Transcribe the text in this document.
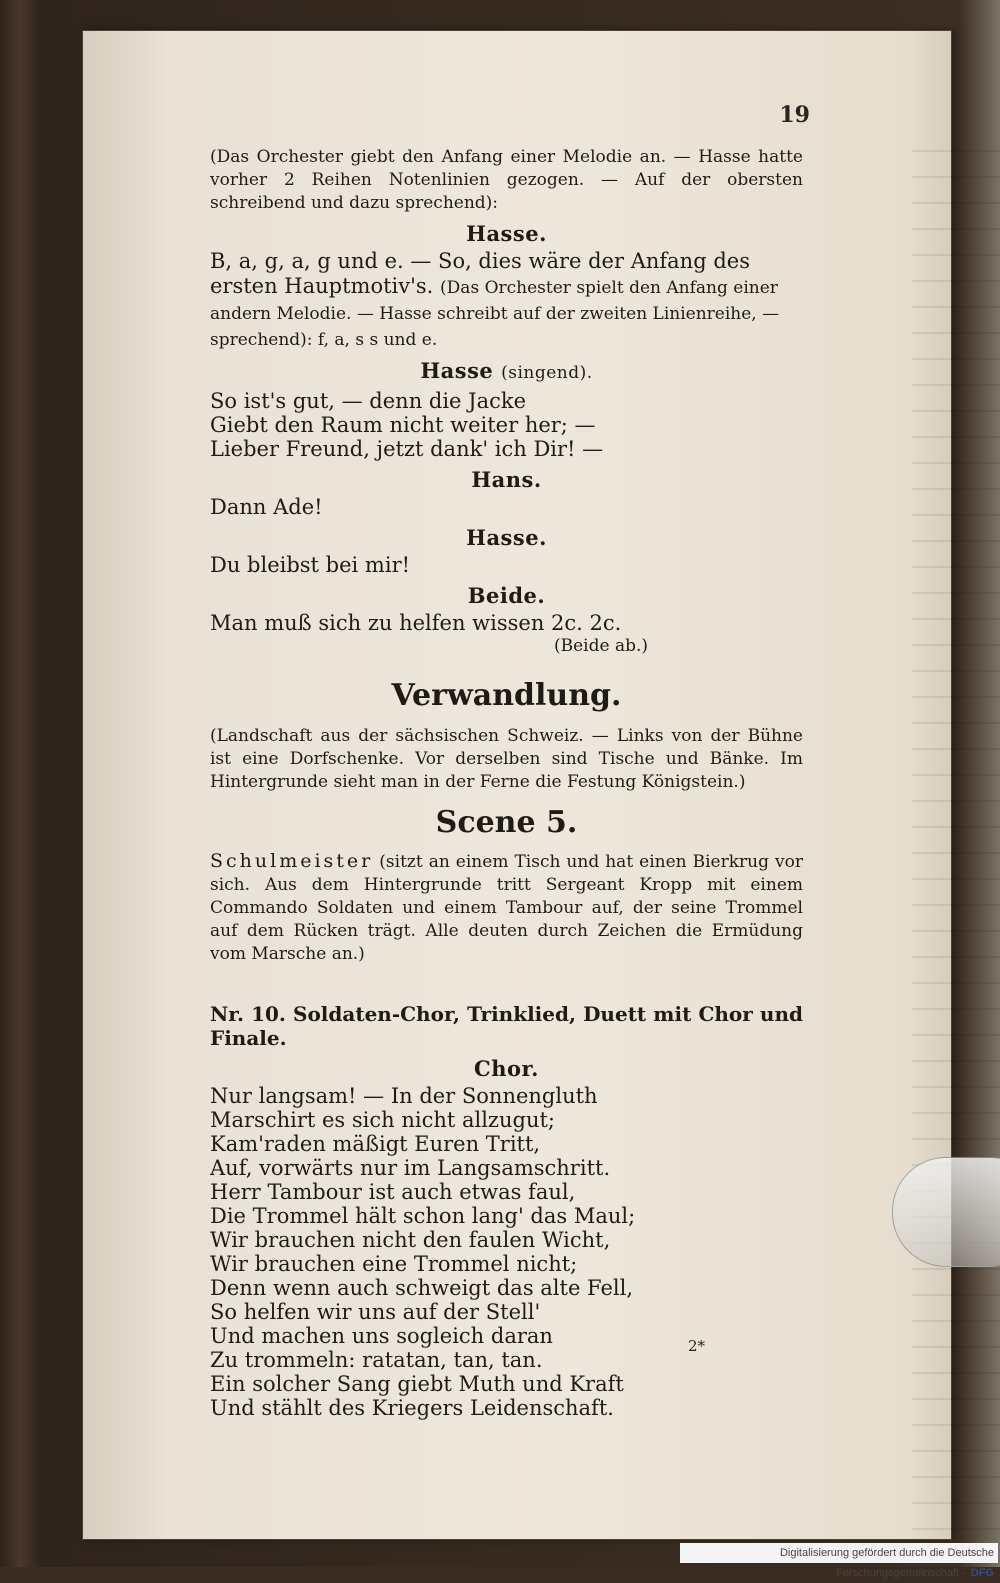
19

(Das Orchester giebt den Anfang einer Melodie an. — Hasse hatte vorher 2 Reihen Notenlinien gezogen. — Auf der obersten schreibend und dazu sprechend):

Hasse.

B, a, g, a, g und e. — So, dies wäre der Anfang des ersten Hauptmotiv's. (Das Orchester spielt den Anfang einer andern Melodie. — Hasse schreibt auf der zweiten Linienreihe, — sprechend): f, a, s s und e.

Hasse (singend).
So ist's gut, — denn die Jacke
Giebt den Raum nicht weiter her; —
Lieber Freund, jetzt dank' ich Dir! —
Hans.
Dann Ade!
Hasse.
Du bleibst bei mir!
Beide.
Man muß sich zu helfen wissen 2c. 2c.
(Beide ab.)
Verwandlung.

(Landschaft aus der sächsischen Schweiz. — Links von der Bühne ist eine Dorfschenke. Vor derselben sind Tische und Bänke. Im Hintergrunde sieht man in der Ferne die Festung Königstein.)

Scene 5.

Schulmeister (sitzt an einem Tisch und hat einen Bierkrug vor sich. Aus dem Hintergrunde tritt Sergeant Kropp mit einem Commando Soldaten und einem Tambour auf, der seine Trommel auf dem Rücken trägt. Alle deuten durch Zeichen die Ermüdung vom Marsche an.)

Nr. 10. Soldaten-Chor, Trinklied, Duett mit Chor und Finale.
Chor.
Nur langsam! — In der Sonnengluth
Marschirt es sich nicht allzugut;
Kam'raden mäßigt Euren Tritt,
Auf, vorwärts nur im Langsamschritt.
Herr Tambour ist auch etwas faul,
Die Trommel hält schon lang' das Maul;
Wir brauchen nicht den faulen Wicht,
Wir brauchen eine Trommel nicht;
Denn wenn auch schweigt das alte Fell,
So helfen wir uns auf der Stell'
Und machen uns sogleich daran
Zu trommeln: ratatan, tan, tan.
Ein solcher Sang giebt Muth und Kraft
Und stählt des Kriegers Leidenschaft.
2*
Digitalisierung gefördert durch die Deutsche Forschungsgemeinschaft - DFG
